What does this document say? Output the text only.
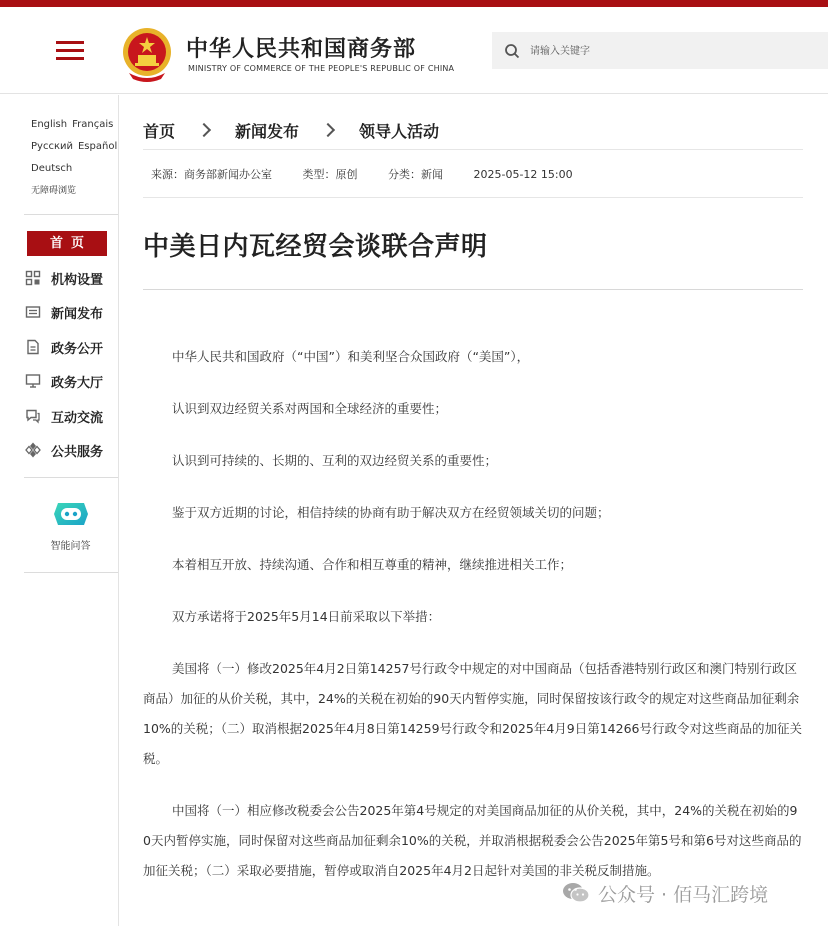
中华人民共和国商务部
MINISTRY OF COMMERCE OF THE PEOPLE'S REPUBLIC OF CHINA
请输入关键字
English Français
Русский Español
Deutsch
无障碍浏览
首页
机构设置
新闻发布
政务公开
政务大厅
互动交流
公共服务
智能问答
首页	新闻发布	领导人活动
来源：商务部新闻办公室	类型：原创	分类：新闻	2025-05-12 15:00
中美日内瓦经贸会谈联合声明

中华人民共和国政府（“中国”）和美利坚合众国政府（“美国”），

认识到双边经贸关系对两国和全球经济的重要性；

认识到可持续的、长期的、互利的双边经贸关系的重要性；

鉴于双方近期的讨论，相信持续的协商有助于解决双方在经贸领域关切的问题；

本着相互开放、持续沟通、合作和相互尊重的精神，继续推进相关工作；

双方承诺将于2025年5月14日前采取以下举措：

美国将（一）修改2025年4月2日第14257号行政令中规定的对中国商品（包括香港特别行政区和澳门特别行政区商品）加征的从价关税，其中，24%的关税在初始的90天内暂停实施，同时保留按该行政令的规定对这些商品加征剩余10%的关税；（二）取消根据2025年4月8日第14259号行政令和2025年4月9日第14266号行政令对这些商品的加征关税。

中国将（一）相应修改税委会公告2025年第4号规定的对美国商品加征的从价关税，其中，24%的关税在初始的90天内暂停实施，同时保留对这些商品加征剩余10%的关税，并取消根据税委会公告2025年第5号和第6号对这些商品的加征关税；（二）采取必要措施，暂停或取消自2025年4月2日起针对美国的非关税反制措施。

公众号 · 佰马汇跨境
